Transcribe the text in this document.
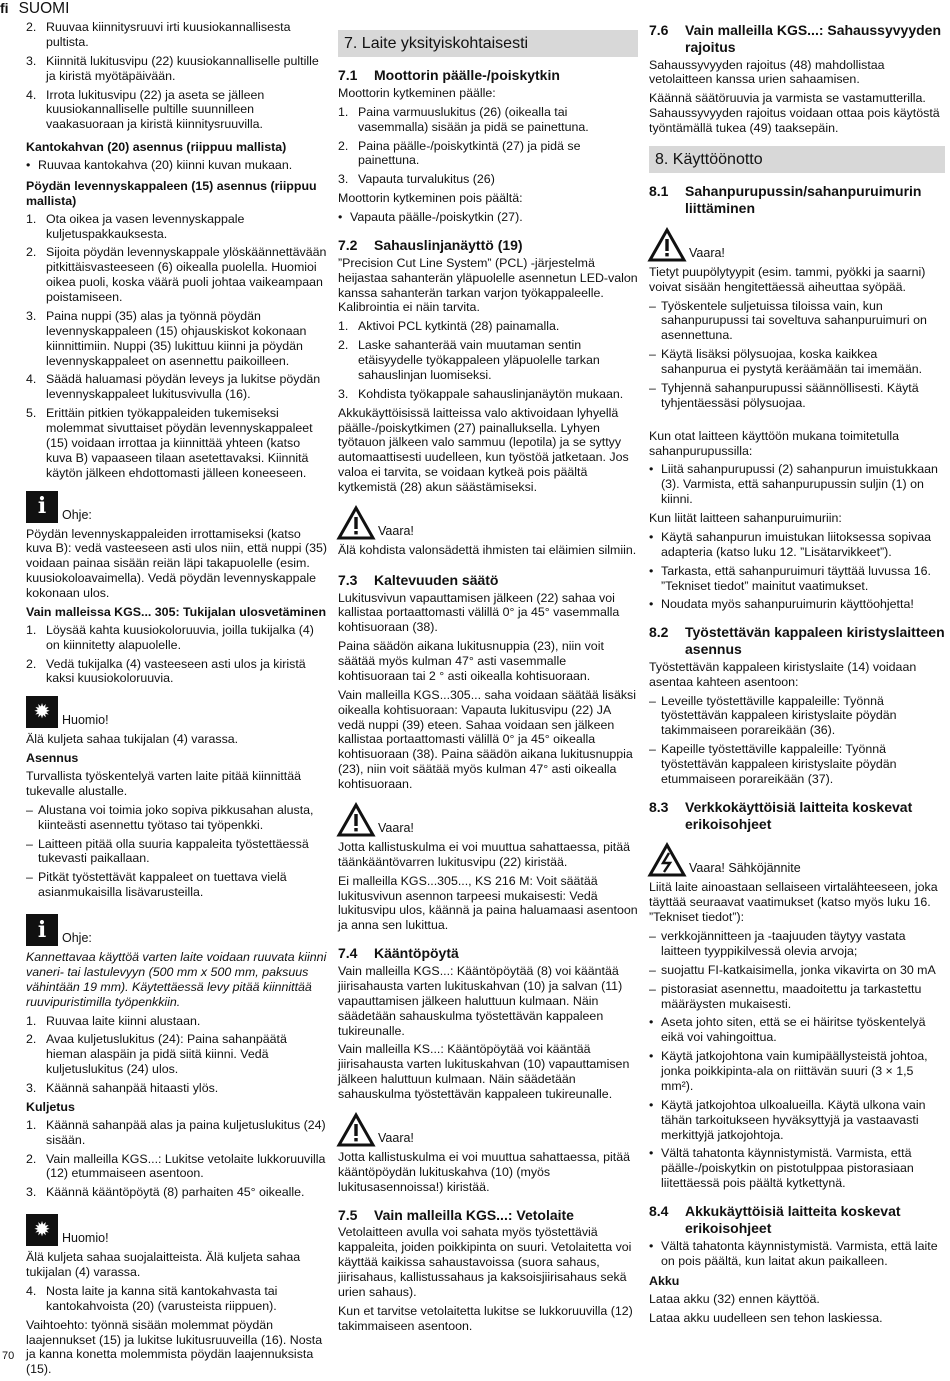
fi SUOMI
70
2. Ruuvaa kiinnitysruuvi irti kuusiokannallisesta pultista.
3. Kiinnitä lukitusvipu (22) kuusiokannalliselle pultille ja kiristä myötäpäivään.
4. Irrota lukitusvipu (22) ja aseta se jälleen kuusiokannalliselle pultille suunnilleen vaakasuoraan ja kiristä kiinnitysruuvilla.
Kantokahvan (20) asennus (riippuu mallista)
• Ruuvaa kantokahva (20) kiinni kuvan mukaan.
Pöydän levennyskappaleen (15) asennus (riippuu mallista)
1. Ota oikea ja vasen levennyskappale kuljetuspakkauksesta.
2. Sijoita pöydän levennyskappale ylöskäännettävään pitkittäisvasteeseen (6) oikealla puolella. Huomioi oikea puoli, koska väärä puoli johtaa vaikeampaan poistamiseen.
3. Paina nuppi (35) alas ja työnnä pöydän levennyskappaleen (15) ohjauskiskot kokonaan kiinnittimiin. Nuppi (35) lukittuu kiinni ja pöydän levennyskappaleet on asennettu paikoilleen.
4. Säädä haluamasi pöydän leveys ja lukitse pöydän levennyskappaleet lukitusvivulla (16).
5. Erittäin pitkien työkappaleiden tukemiseksi molemmat sivuttaiset pöydän levennyskappaleet (15) voidaan irrottaa ja kiinnittää yhteen (katso kuva B) vapaaseen tilaan asetettavaksi. Kiinnitä käytön jälkeen ehdottomasti jälleen koneeseen.
i	Ohje:

Pöydän levennyskappaleiden irrottamiseksi (katso kuva B): vedä vasteeseen asti ulos niin, että nuppi (35) voidaan painaa sisään reiän läpi takapuolelle (esim. kuusiokoloavaimella). Vedä pöydän levennyskappale kokonaan ulos.

Vain malleissa KGS... 305: Tukijalan ulosvetäminen
1. Löysää kahta kuusiokoloruuvia, joilla tukijalka (4) on kiinnitetty alapuolelle.
2. Vedä tukijalka (4) vasteeseen asti ulos ja kiristä kaksi kuusiokoloruuvia.
✹ Huomio!

Älä kuljeta sahaa tukijalan (4) varassa.

Asennus

Turvallista työskentelyä varten laite pitää kiinnittää tukevalle alustalle.

– Alustana voi toimia joko sopiva pikkusahan alusta, kiinteästi asennettu työtaso tai työpenkki.
– Laitteen pitää olla suuria kappaleita työstettäessä tukevasti paikallaan.
– Pitkät työstettävät kappaleet on tuettava vielä asianmukaisilla lisävarusteilla.
i	Ohje:

Kannettavaa käyttöä varten laite voidaan ruuvata kiinni vaneri- tai lastulevyyn (500 mm x 500 mm, paksuus vähintään 19 mm). Käytettäessä levy pitää kiinnittää ruuvipuristimilla työpenkkiin.

1. Ruuvaa laite kiinni alustaan.
2. Avaa kuljetuslukitus (24): Paina sahanpäätä hieman alaspäin ja pidä siitä kiinni. Vedä kuljetuslukitus (24) ulos.
3. Käännä sahanpää hitaasti ylös.
Kuljetus
1. Käännä sahanpää alas ja paina kuljetuslukitus (24) sisään.
2. Vain malleilla KGS...: Lukitse vetolaite lukkoruuvilla (12) etummaiseen asentoon.
3. Käännä kääntöpöytä (8) parhaiten 45° oikealle.
✹ Huomio!

Älä kuljeta sahaa suojalaitteista. Älä kuljeta sahaa tukijalan (4) varassa.

4. Nosta laite ja kanna sitä kantokahvasta tai kantokahvoista (20) (varusteista riippuen).

Vaihtoehto: työnnä sisään molemmat pöydän laajennukset (15) ja lukitse lukitusruuveilla (16). Nosta ja kanna konetta molemmista pöydän laajennuksista (15).

7. Laite yksityiskohtaisesti
7.1	Moottorin päälle-/poiskytkin

Moottorin kytkeminen päälle:

1. Paina varmuuslukitus (26) (oikealla tai vasemmalla) sisään ja pidä se painettuna.
2. Paina päälle-/poiskytkintä (27) ja pidä se painettuna.
3. Vapauta turvalukitus (26)

Moottorin kytkeminen pois päältä:

• Vapauta päälle-/poiskytkin (27).
7.2	Sahauslinjanäyttö (19)

”Precision Cut Line System” (PCL) -järjestelmä heijastaa sahanterän yläpuolelle asennetun LED-valon kanssa sahanterän tarkan varjon työkappaleelle. Kalibrointia ei näin tarvita.

1. Aktivoi PCL kytkintä (28) painamalla.
2. Laske sahanterää vain muutaman sentin etäisyydelle työkappaleen yläpuolelle tarkan sahauslinjan luomiseksi.
3. Kohdista työkappale sahauslinjanäytön mukaan.

Akkukäyttöisissä laitteissa valo aktivoidaan lyhyellä päälle-/poiskytkimen (27) painalluksella. Lyhyen työtauon jälkeen valo sammuu (lepotila) ja se syttyy automaattisesti uudelleen, kun työstöä jatketaan. Jos valoa ei tarvita, se voidaan kytkeä pois päältä kytkemistä (28) akun säästämiseksi.

Vaara!

Älä kohdista valonsädettä ihmisten tai eläimien silmiin.

7.3	Kaltevuuden säätö

Lukitusvivun vapauttamisen jälkeen (22) sahaa voi kallistaa portaattomasti välillä 0° ja 45° vasemmalla kohtisuoraan (38).

Paina säädön aikana lukitusnuppia (23), niin voit säätää myös kulman 47° asti vasemmalle kohtisuoraan tai 2 ° asti oikealla kohtisuoraan.

Vain malleilla KGS...305... saha voidaan säätää lisäksi oikealla kohtisuoraan: Vapauta lukitusvipu (22) JA vedä nuppi (39) eteen. Sahaa voidaan sen jälkeen kallistaa portaattomasti välillä 0° ja 45° oikealla kohtisuoraan (38). Paina säädön aikana lukitusnuppia (23), niin voit säätää myös kulman 47° asti oikealla kohtisuoraan.

Vaara!

Jotta kallistuskulma ei voi muuttua sahattaessa, pitää täänkääntövarren lukitusvipu (22) kiristää.

Ei malleilla KGS...305..., KS 216 M: Voit säätää lukitusvivun asennon tarpeesi mukaisesti: Vedä lukitusvipu ulos, käännä ja paina haluamaasi asentoon ja anna sen lukittua.

7.4	Kääntöpöytä

Vain malleilla KGS...: Kääntöpöytää (8) voi kääntää jiirisahausta varten lukituskahvan (10) ja salvan (11) vapauttamisen jälkeen haluttuun kulmaan. Näin säädetään sahauskulma työstettävän kappaleen tukireunalle.

Vain malleilla KS...: Kääntöpöytää voi kääntää jiirisahausta varten lukituskahvan (10) vapauttamisen jälkeen haluttuun kulmaan. Näin säädetään sahauskulma työstettävän kappaleen tukireunalle.

Vaara!

Jotta kallistuskulma ei voi muuttua sahattaessa, pitää kääntöpöydän lukituskahva (10) (myös lukitusasennoissa!) kiristää.

7.5	Vain malleilla KGS...: Vetolaite

Vetolaitteen avulla voi sahata myös työstettäviä kappaleita, joiden poikkipinta on suuri. Vetolaitetta voi käyttää kaikissa sahaustavoissa (suora sahaus, jiirisahaus, kallistussahaus ja kaksoisjiirisahaus sekä urien sahaus).

Kun et tarvitse vetolaitetta lukitse se lukkoruuvilla (12) takimmaiseen asentoon.

7.6	Vain malleilla KGS...: Sahaussyvyyden rajoitus

Sahaussyvyyden rajoitus (48) mahdollistaa vetolaitteen kanssa urien sahaamisen.

Käännä säätöruuvia ja varmista se vastamutterilla. Sahaussyvyyden rajoitus voidaan ottaa pois käytöstä työntämällä tukea (49) taaksepäin.

8. Käyttöönotto
8.1	Sahanpurupussin/sahanpuruimurin liittäminen
Vaara!

Tietyt puupölytyypit (esim. tammi, pyökki ja saarni) voivat sisään hengitettäessä aiheuttaa syöpää.

– Työskentele suljetuissa tiloissa vain, kun sahanpurupussi tai soveltuva sahanpuruimuri on asennettuna.
– Käytä lisäksi pölysuojaa, koska kaikkea sahanpurua ei pystytä keräämään tai imemään.
– Tyhjennä sahanpurupussi säännöllisesti. Käytä tyhjentäessäsi pölysuojaa.

Kun otat laitteen käyttöön mukana toimitetulla sahanpurupussilla:

• Liitä sahanpurupussi (2) sahanpurun imuistukkaan (3). Varmista, että sahanpurupussin suljin (1) on kiinni.

Kun liität laitteen sahanpuruimuriin:

• Käytä sahanpurun imuistukan liitoksessa sopivaa adapteria (katso luku 12. ”Lisätarvikkeet”).
• Tarkasta, että sahanpuruimuri täyttää luvussa 16. ”Tekniset tiedot” mainitut vaatimukset.
• Noudata myös sahanpuruimurin käyttöohjetta!
8.2	Työstettävän kappaleen kiristyslaitteen asennus

Työstettävän kappaleen kiristyslaite (14) voidaan asentaa kahteen asentoon:

– Leveille työstettäville kappaleille: Työnnä työstettävän kappaleen kiristyslaite pöydän takimmaiseen porareikään (36).
– Kapeille työstettäville kappaleille: Työnnä työstettävän kappaleen kiristyslaite pöydän etummaiseen porareikään (37).
8.3	Verkkokäyttöisiä laitteita koskevat erikoisohjeet
Vaara! Sähköjännite

Liitä laite ainoastaan sellaiseen virtalähteeseen, joka täyttää seuraavat vaatimukset (katso myös luku 16. ”Tekniset tiedot”):

– verkkojännitteen ja -taajuuden täytyy vastata laitteen tyyppikilvessä olevia arvoja;
– suojattu FI-katkaisimella, jonka vikavirta on 30 mA
– pistorasiat asennettu, maadoitettu ja tarkastettu määräysten mukaisesti.
• Aseta johto siten, että se ei häiritse työskentelyä eikä voi vahingoittua.
• Käytä jatkojohtona vain kumipäällysteistä johtoa, jonka poikkipinta-ala on riittävän suuri (3 × 1,5 mm²).
• Käytä jatkojohtoa ulkoalueilla. Käytä ulkona vain tähän tarkoitukseen hyväksyttyjä ja vastaavasti merkittyjä jatkojohtoja.
• Vältä tahatonta käynnistymistä. Varmista, että päälle-/poiskytkin on pistotulppaa pistorasiaan liitettäessä pois päältä kytkettynä.
8.4	Akkukäyttöisiä laitteita koskevat erikoisohjeet
• Vältä tahatonta käynnistymistä. Varmista, että laite on pois päältä, kun laitat akun paikalleen.
Akku

Lataa akku (32) ennen käyttöä.

Lataa akku uudelleen sen tehon laskiessa.
